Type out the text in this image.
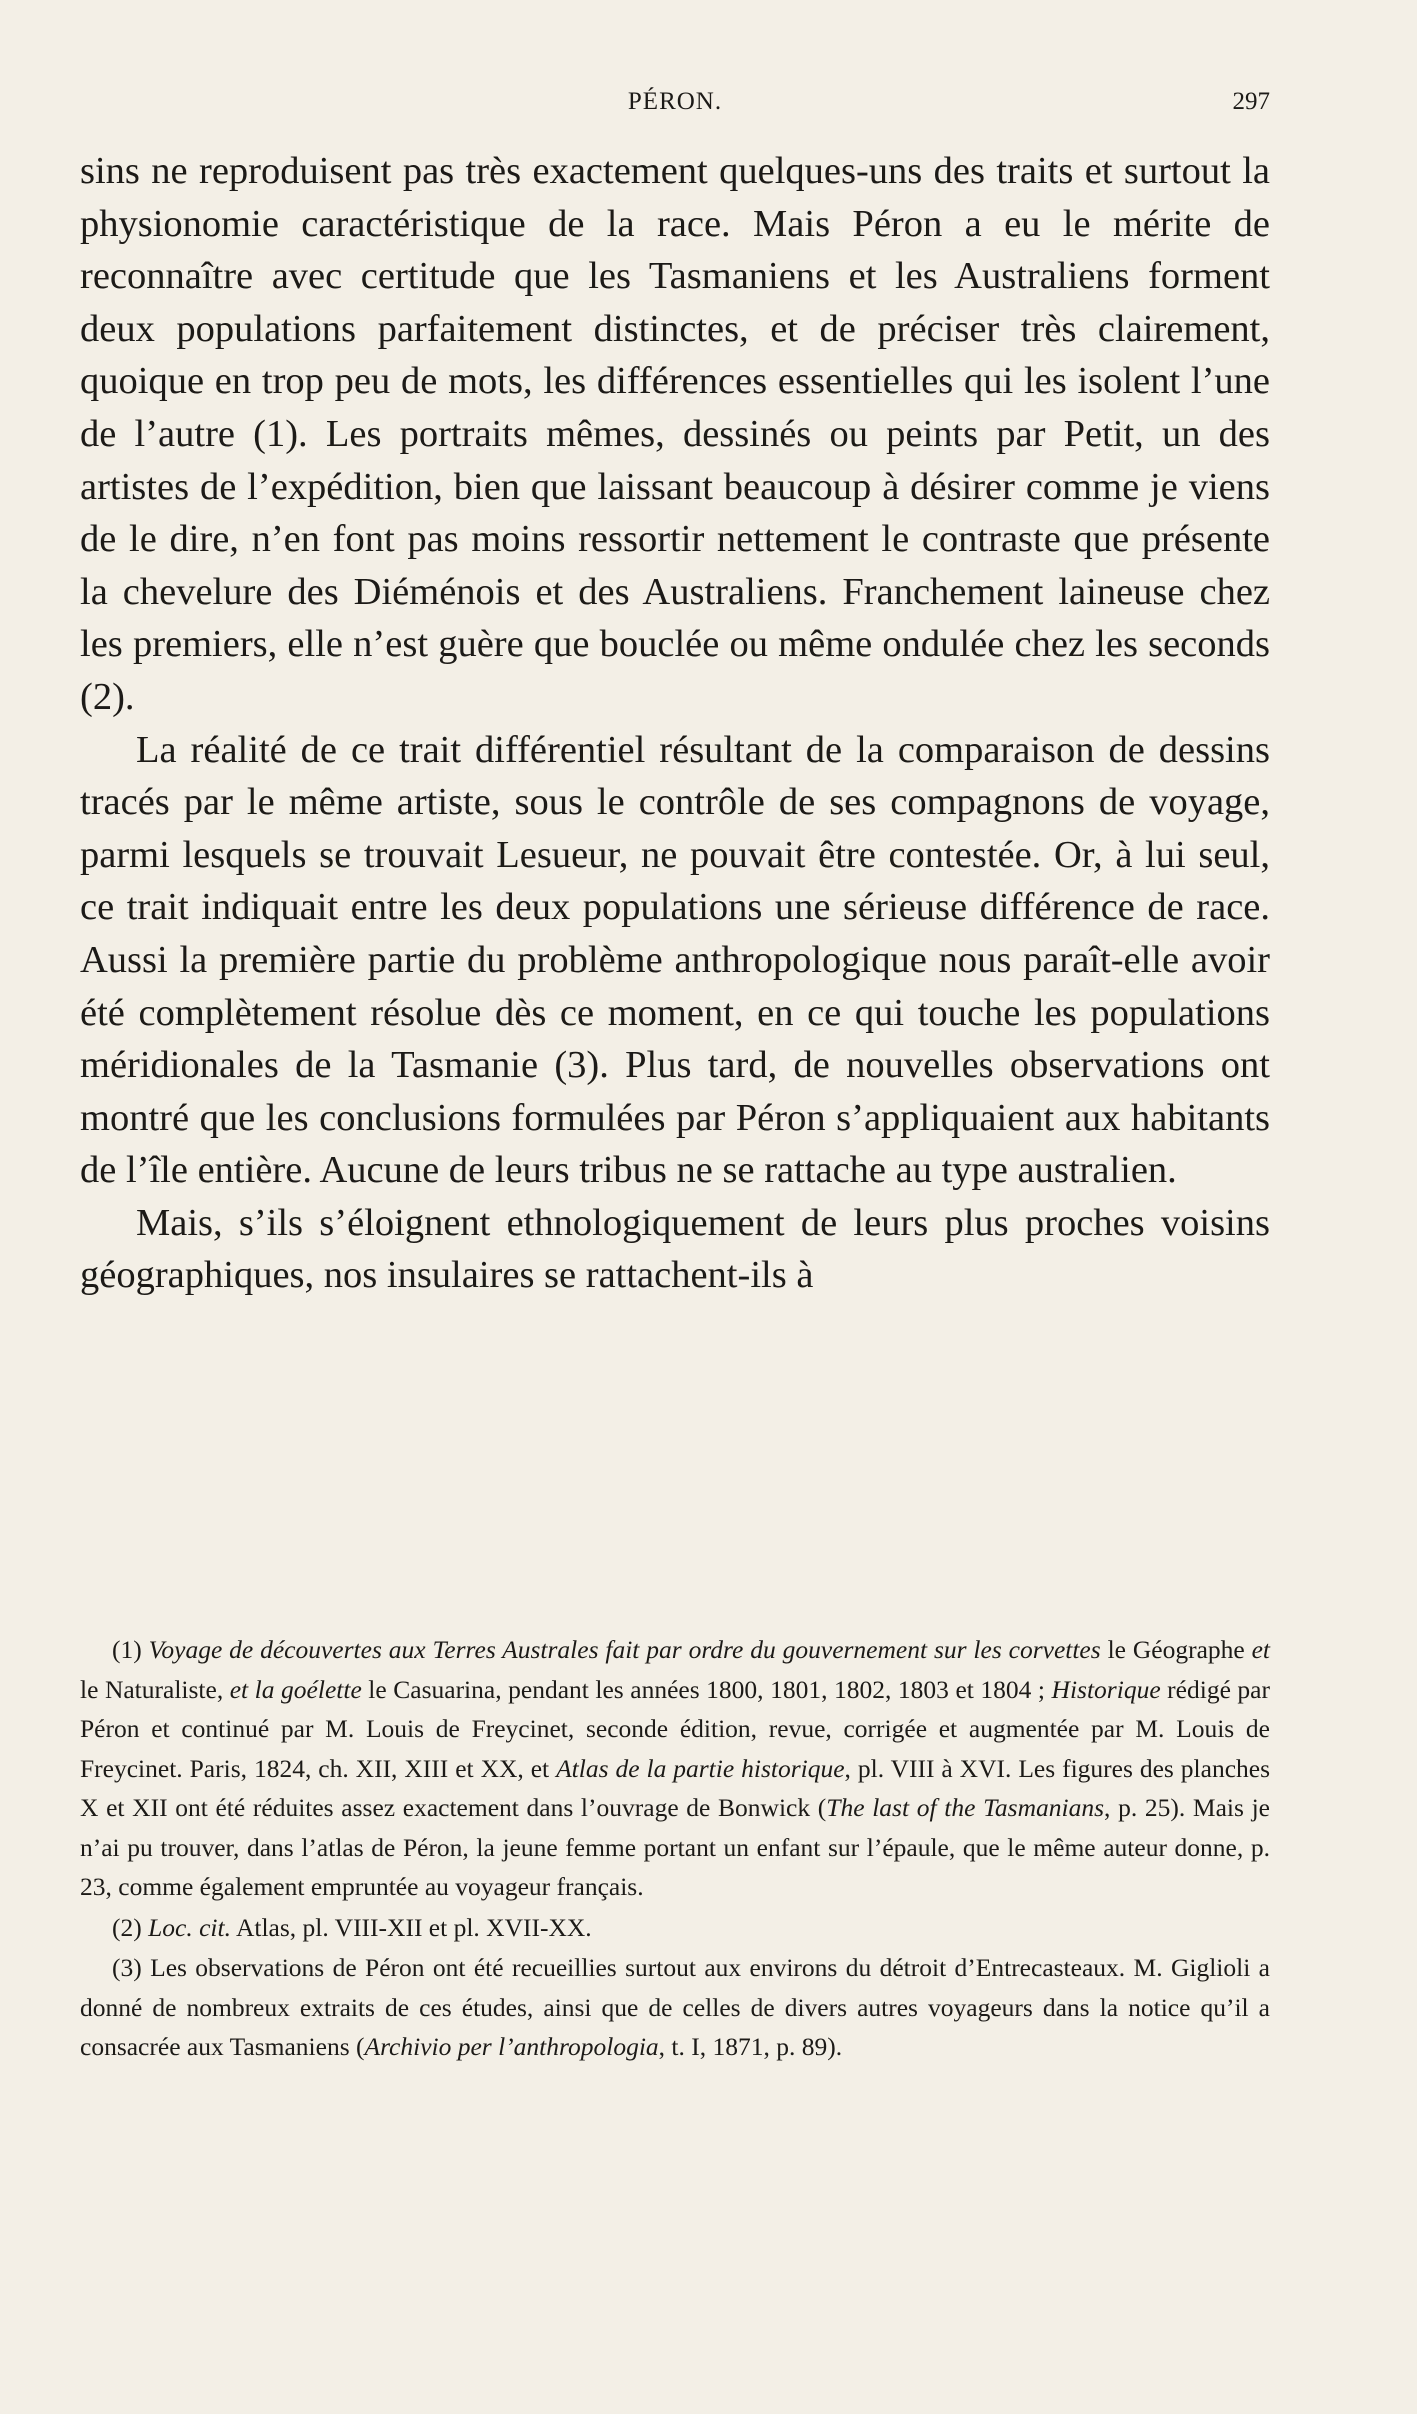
PÉRON.	297

sins ne reproduisent pas très exactement quelques-uns des traits et surtout la physionomie caractéristique de la race. Mais Péron a eu le mérite de reconnaître avec certitude que les Tasmaniens et les Australiens forment deux populations parfaitement distinctes, et de préciser très clairement, quoique en trop peu de mots, les différences essentielles qui les isolent l’une de l’autre (1). Les portraits mêmes, dessinés ou peints par Petit, un des artistes de l’expédition, bien que laissant beaucoup à désirer comme je viens de le dire, n’en font pas moins ressortir nettement le contraste que présente la chevelure des Diéménois et des Australiens. Franchement laineuse chez les premiers, elle n’est guère que bouclée ou même ondulée chez les seconds (2).

La réalité de ce trait différentiel résultant de la comparaison de dessins tracés par le même artiste, sous le contrôle de ses compagnons de voyage, parmi lesquels se trouvait Lesueur, ne pouvait être contestée. Or, à lui seul, ce trait indiquait entre les deux populations une sérieuse différence de race. Aussi la première partie du problème anthropologique nous paraît-elle avoir été complètement résolue dès ce moment, en ce qui touche les populations méridionales de la Tasmanie (3). Plus tard, de nouvelles observations ont montré que les conclusions formulées par Péron s’appliquaient aux habitants de l’île entière. Aucune de leurs tribus ne se rattache au type australien.

Mais, s’ils s’éloignent ethnologiquement de leurs plus proches voisins géographiques, nos insulaires se rattachent-ils à

(1) Voyage de découvertes aux Terres Australes fait par ordre du gouvernement sur les corvettes le Géographe et le Naturaliste, et la goélette le Casuarina, pendant les années 1800, 1801, 1802, 1803 et 1804 ; Historique rédigé par Péron et continué par M. Louis de Freycinet, seconde édition, revue, corrigée et augmentée par M. Louis de Freycinet. Paris, 1824, ch. XII, XIII et XX, et Atlas de la partie historique, pl. VIII à XVI. Les figures des planches X et XII ont été réduites assez exactement dans l’ouvrage de Bonwick (The last of the Tasmanians, p. 25). Mais je n’ai pu trouver, dans l’atlas de Péron, la jeune femme portant un enfant sur l’épaule, que le même auteur donne, p. 23, comme également empruntée au voyageur français.

(2) Loc. cit. Atlas, pl. VIII-XII et pl. XVII-XX.

(3) Les observations de Péron ont été recueillies surtout aux environs du détroit d’Entrecasteaux. M. Giglioli a donné de nombreux extraits de ces études, ainsi que de celles de divers autres voyageurs dans la notice qu’il a consacrée aux Tasmaniens (Archivio per l’anthropologia, t. I, 1871, p. 89).
